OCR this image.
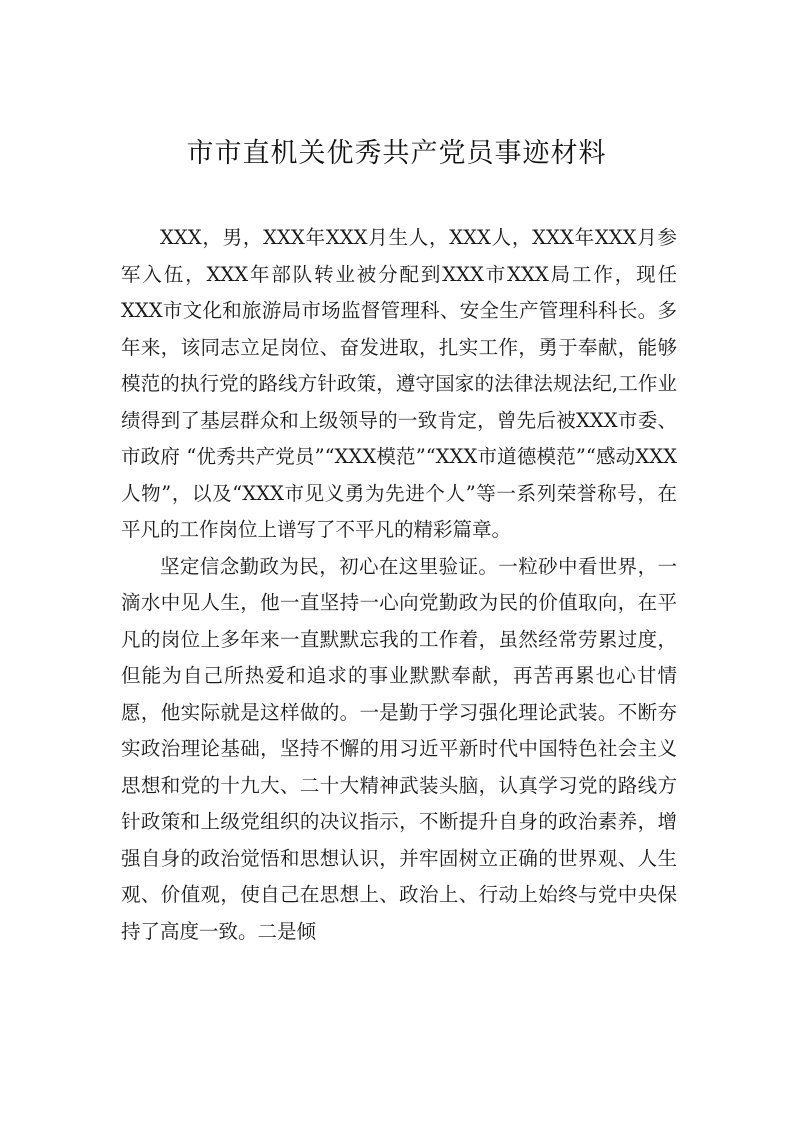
市市直机关优秀共产党员事迹材料

XXX，男，XXX年XXX月生人，XXX人，XXX年XXX月参军入伍，XXX年部队转业被分配到XXX市XXX局工作，现任XXX市文化和旅游局市场监督管理科、安全生产管理科科长。多年来，该同志立足岗位、奋发进取，扎实工作，勇于奉献，能够模范的执行党的路线方针政策，遵守国家的法律法规法纪,工作业绩得到了基层群众和上级领导的一致肯定，曾先后被XXX市委、市政府 “优秀共产党员”“XXX模范”“XXX市道德模范”“感动XXX人物”，以及“XXX市见义勇为先进个人”等一系列荣誉称号，在平凡的工作岗位上谱写了不平凡的精彩篇章。

坚定信念勤政为民，初心在这里验证。一粒砂中看世界，一滴水中见人生，他一直坚持一心向党勤政为民的价值取向，在平凡的岗位上多年来一直默默忘我的工作着，虽然经常劳累过度，但能为自己所热爱和追求的事业默默奉献，再苦再累也心甘情愿，他实际就是这样做的。一是勤于学习强化理论武装。不断夯实政治理论基础，坚持不懈的用习近平新时代中国特色社会主义思想和党的十九大、二十大精神武装头脑，认真学习党的路线方针政策和上级党组织的决议指示，不断提升自身的政治素养，增强自身的政治觉悟和思想认识，并牢固树立正确的世界观、人生观、价值观，使自己在思想上、政治上、行动上始终与党中央保持了高度一致。二是倾
